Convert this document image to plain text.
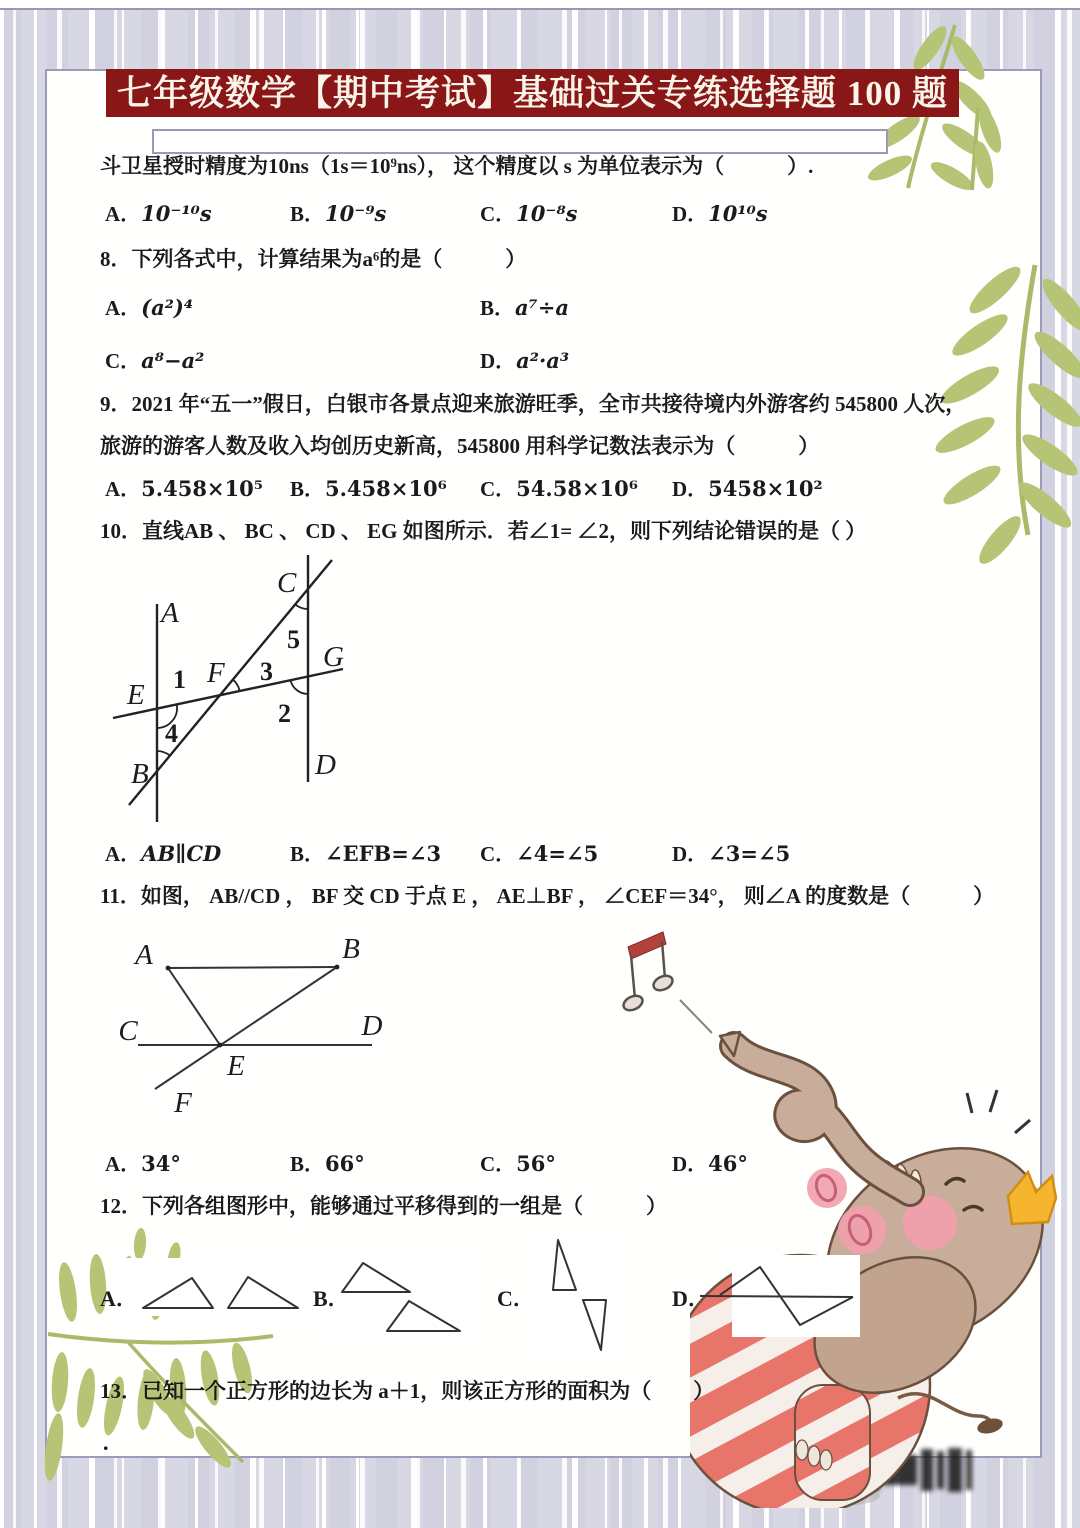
七年级数学【期中考试】基础过关专练选择题 100 题
斗卫星授时精度为10ns（1s＝10⁹ns）， 这个精度以 s 为单位表示为（　　　）.
A．10⁻¹⁰s	B．10⁻⁹s	C．10⁻⁸s	D．10¹⁰s
8．下列各式中，计算结果为a⁶的是（　　　）
A．(a²)⁴	B．a⁷÷a
C．a⁸−a²	D．a²·a³
9．2021 年“五一”假日，白银市各景点迎来旅游旺季，全市共接待境内外游客约 545800 人次，
旅游的游客人数及收入均创历史新高，545800 用科学记数法表示为（　　　）
A．5.458×10⁵ B．5.458×10⁶ C．54.58×10⁶ D．5458×10²
10．直线AB 、 BC 、 CD 、 EG 如图所示．若∠1= ∠2，则下列结论错误的是（ ）
A
B
C
D
E
F	G
1
2
3
4
5
A．AB∥CD	B．∠EFB=∠3 C．∠4=∠5	D．∠3=∠5
11．如图， AB//CD ， BF 交 CD 于点 E ， AE⊥BF ， ∠CEF＝34°， 则∠A 的度数是（　　　）
A	B
C	D
E
F
A．34°	B．66°	C．56°	D．46°
12．下列各组图形中，能够通过平移得到的一组是（　　　）
A．	B．	C．	D．
13．已知一个正方形的边长为 a＋1，则该正方形的面积为（　　）
.
